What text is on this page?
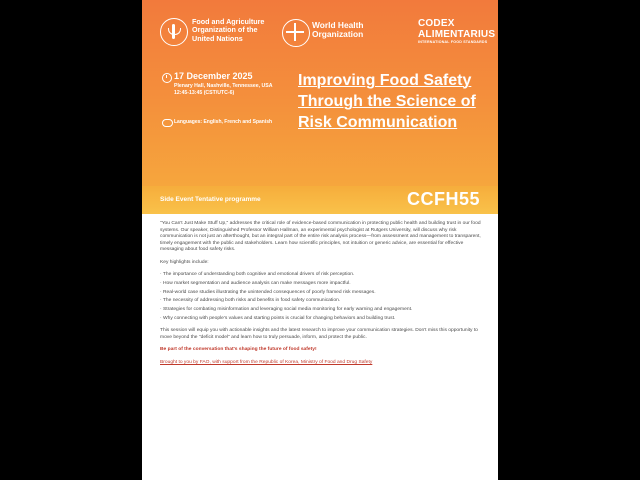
Food and Agriculture Organization of the United Nations
World Health Organization
CODEX
ALIMENTARIUS
INTERNATIONAL FOOD STANDARDS
17 December 2025
Plenary Hall, Nashville, Tennessee, USA
12:45-13:45 (CST/UTC-6)
Languages: English, French and Spanish
Improving Food Safety
Through the Science of
Risk Communication
Side Event Tentative programme	CCFH55

"You Can't Just Make Stuff Up," addresses the critical role of evidence-based communication in protecting public health and building trust in our food systems. Our speaker, Distinguished Professor William Hallman, an experimental psychologist at Rutgers University, will discuss why risk communication is not just an afterthought, but an integral part of the entire risk analysis process—from assessment and management to transparent, timely engagement with the public and stakeholders. Learn how scientific principles, not intuition or generic advice, are essential for effective messaging about food safety risks.

Key highlights include:

· The importance of understanding both cognitive and emotional drivers of risk perception.
· How market segmentation and audience analysis can make messages more impactful.
· Real-world case studies illustrating the unintended consequences of poorly framed risk messages.
· The necessity of addressing both risks and benefits in food safety communication.
· Strategies for combating misinformation and leveraging social media monitoring for early warning and engagement.
· Why connecting with people's values and starting points is crucial for changing behaviors and building trust.

This session will equip you with actionable insights and the latest research to improve your communication strategies. Don't miss this opportunity to move beyond the "deficit model" and learn how to truly persuade, inform, and protect the public.

Be part of the conversation that's shaping the future of food safety!

Brought to you by FAO, with support from the Republic of Korea, Ministry of Food and Drug Safety
